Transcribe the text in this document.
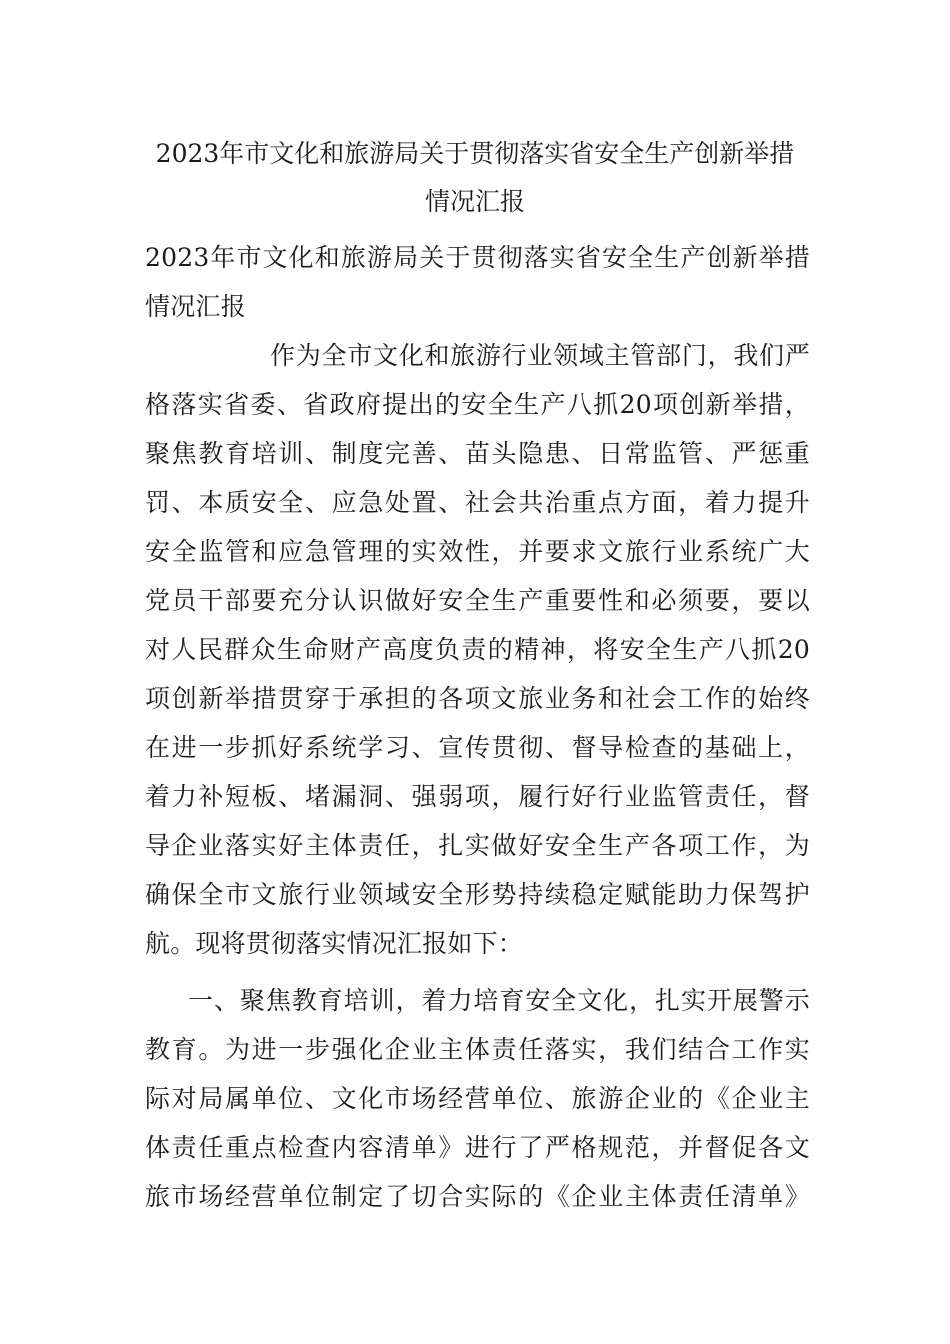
2023年市文化和旅游局关于贯彻落实省安全生产创新举措
情况汇报

2023年市文化和旅游局关于贯彻落实省安全生产创新举措

情况汇报

作为全市文化和旅游行业领域主管部门，我们严

格落实省委、省政府提出的安全生产八抓20项创新举措，

聚焦教育培训、制度完善、苗头隐患、日常监管、严惩重

罚、本质安全、应急处置、社会共治重点方面，着力提升

安全监管和应急管理的实效性，并要求文旅行业系统广大

党员干部要充分认识做好安全生产重要性和必须要，要以

对人民群众生命财产高度负责的精神，将安全生产八抓20

项创新举措贯穿于承担的各项文旅业务和社会工作的始终

在进一步抓好系统学习、宣传贯彻、督导检查的基础上，

着力补短板、堵漏洞、强弱项，履行好行业监管责任，督

导企业落实好主体责任，扎实做好安全生产各项工作，为

确保全市文旅行业领域安全形势持续稳定赋能助力保驾护

航。现将贯彻落实情况汇报如下：

一、聚焦教育培训，着力培育安全文化，扎实开展警示

教育。为进一步强化企业主体责任落实，我们结合工作实

际对局属单位、文化市场经营单位、旅游企业的《企业主

体责任重点检查内容清单》进行了严格规范，并督促各文

旅市场经营单位制定了切合实际的《企业主体责任清单》
